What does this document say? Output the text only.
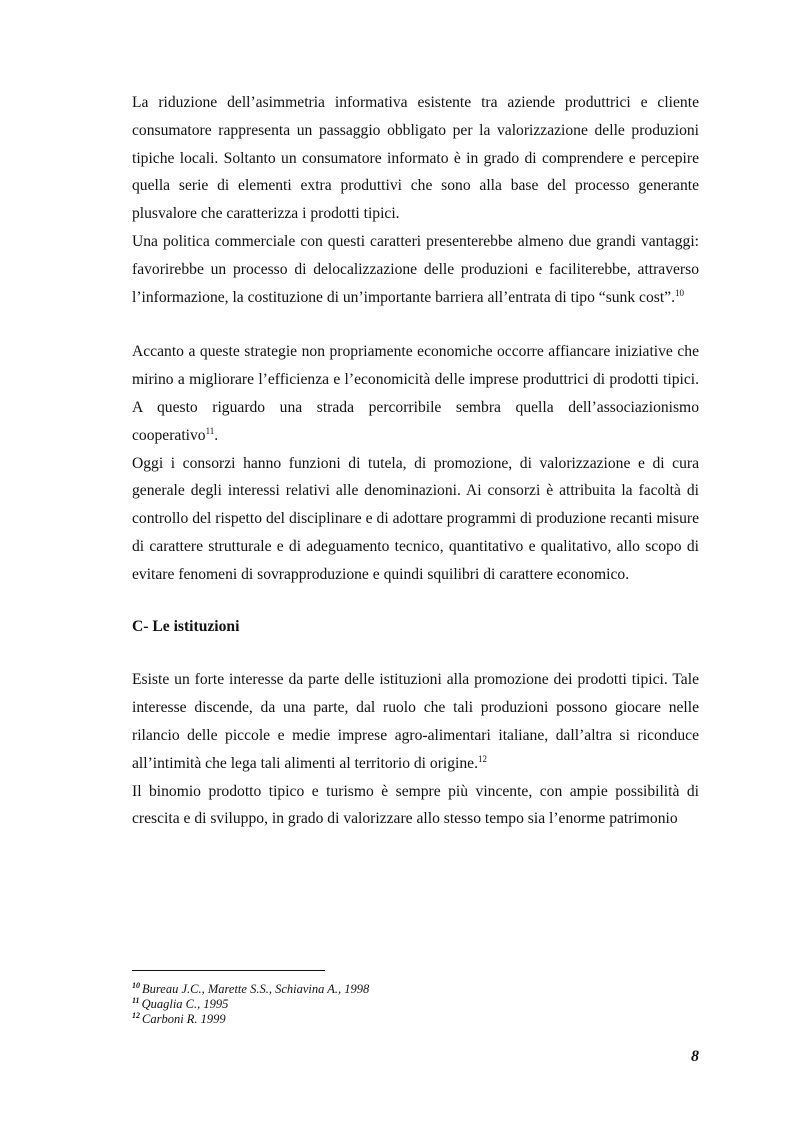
La riduzione dell’asimmetria informativa esistente tra aziende produttrici e cliente consumatore rappresenta un passaggio obbligato per la valorizzazione delle produzioni tipiche locali. Soltanto un consumatore informato è in grado di comprendere e percepire quella serie di elementi extra produttivi che sono alla base del processo generante plusvalore che caratterizza i prodotti tipici.

Una politica commerciale con questi caratteri presenterebbe almeno due grandi vantaggi: favorirebbe un processo di delocalizzazione delle produzioni e faciliterebbe, attraverso l’informazione, la costituzione di un’importante barriera all’entrata di tipo “sunk cost”.$^{10}$

Accanto a queste strategie non propriamente economiche occorre affiancare iniziative che mirino a migliorare l’efficienza e l’economicità delle imprese produttrici di prodotti tipici. A questo riguardo una strada percorribile sembra quella dell’associazionismo cooperativo$^{11}$.

Oggi i consorzi hanno funzioni di tutela, di promozione, di valorizzazione e di cura generale degli interessi relativi alle denominazioni. Ai consorzi è attribuita la facoltà di controllo del rispetto del disciplinare e di adottare programmi di produzione recanti misure di carattere strutturale e di adeguamento tecnico, quantitativo e qualitativo, allo scopo di evitare fenomeni di sovrapproduzione e quindi squilibri di carattere economico.

C- Le istituzioni

Esiste un forte interesse da parte delle istituzioni alla promozione dei prodotti tipici. Tale interesse discende, da una parte, dal ruolo che tali produzioni possono giocare nelle rilancio delle piccole e medie imprese agro-alimentari italiane, dall’altra si riconduce all’intimità che lega tali alimenti al territorio di origine.$^{12}$

Il binomio prodotto tipico e turismo è sempre più vincente, con ampie possibilità di crescita e di sviluppo, in grado di valorizzare allo stesso tempo sia l’enorme patrimonio

$^{10}$ Bureau J.C., Marette S.S., Schiavina A., 1998
$^{11}$ Quaglia C., 1995
$^{12}$ Carboni R. 1999
8
